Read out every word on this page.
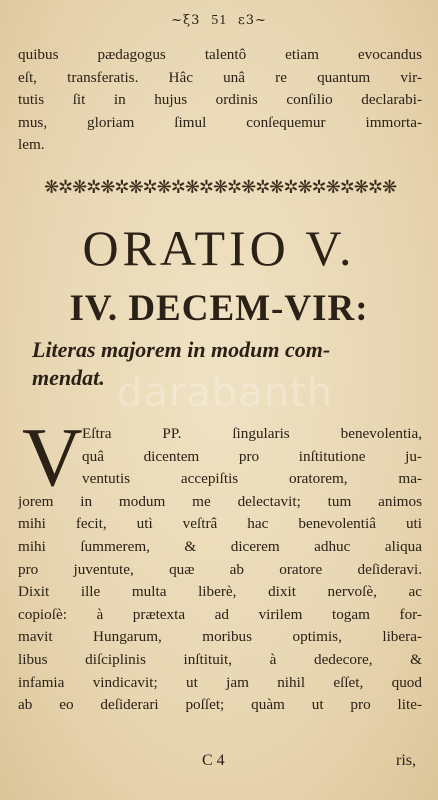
~ξ3 51 ε3~
quibus pædagogus talentô etiam evocandus
eſt, transferatis. Hâc unâ re quantum vir-
tutis ſit in hujus ordinis conſilio declarabi-
mus, gloriam ſimul conſequemur immorta-
lem.
❋✲❋✲❋✲❋✲❋✲❋✲❋✲❋✲❋✲❋✲❋✲❋✲❋
ORATIO V.
IV. DECEM-VIR:
Literas majorem in modum com-
mendat. darabanth
V Eſtra PP. ſingularis benevolentia,
quâ dicentem pro inſtitutione ju-
ventutis accepiſtis oratorem, ma-
jorem in modum me delectavit; tum animos
mihi fecit, utì veſtrâ hac benevolentiâ uti
mihi ſummerem, & dicerem adhuc aliqua
pro juventute, quæ ab oratore deſideravi.
Dixit ille multa liberè, dixit nervoſè, ac
copioſè: à prætexta ad virilem togam for-
mavit Hungarum, moribus optimis, libera-
libus diſciplinis inſtituit, à dedecore, &
infamia vindicavit; ut jam nihil eſſet, quod
ab eo deſiderari poſſet; quàm ut pro lite-
C 4	ris,
